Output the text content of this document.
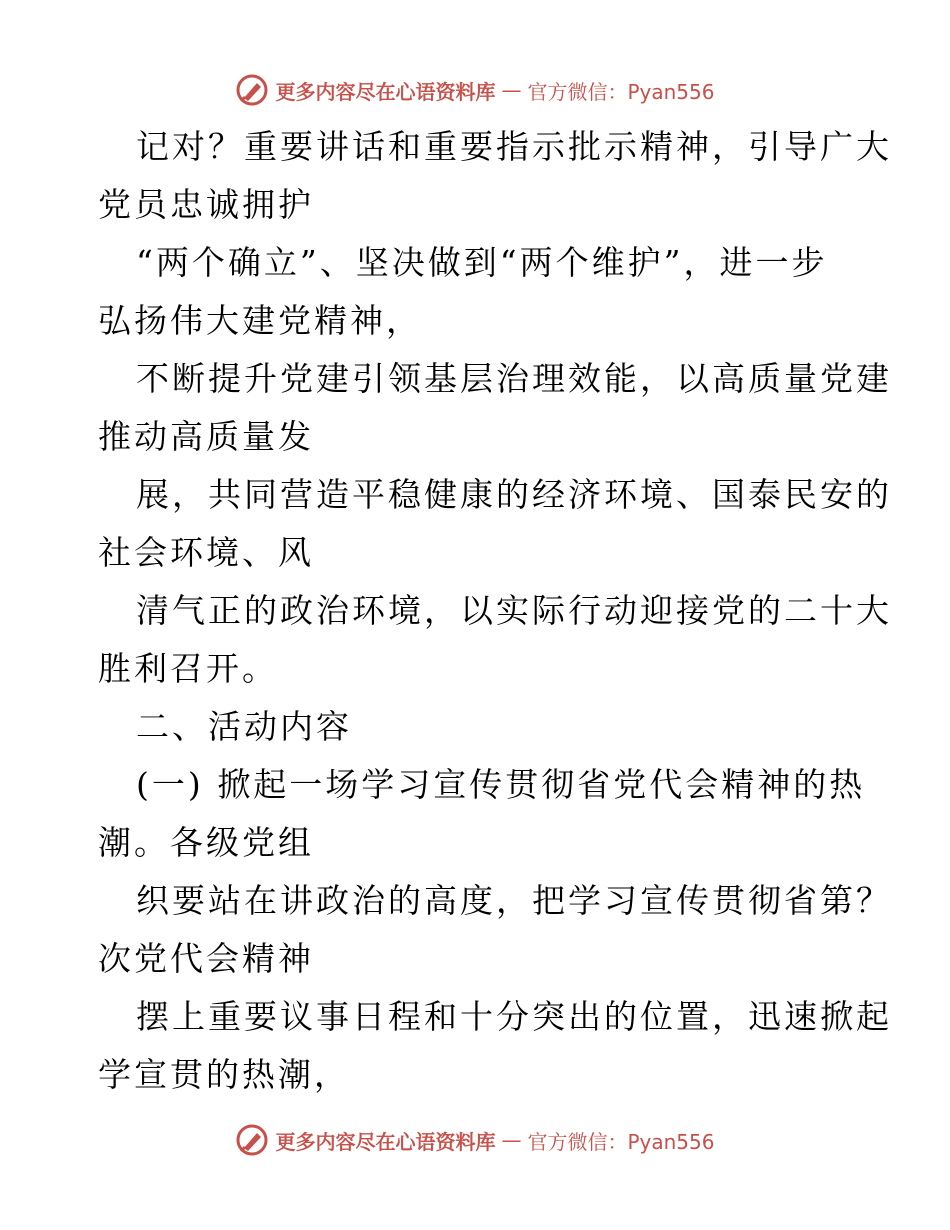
更多内容尽在心语资料库 — 官方微信：Pyan556
记对？重要讲话和重要指示批示精神，引导广大
党员忠诚拥护
“两个确立”、坚决做到“两个维护”，进一步
弘扬伟大建党精神，
不断提升党建引领基层治理效能，以高质量党建
推动高质量发
展，共同营造平稳健康的经济环境、国泰民安的
社会环境、风
清气正的政治环境，以实际行动迎接党的二十大
胜利召开。
二、活动内容
(一) 掀起一场学习宣传贯彻省党代会精神的热
潮。各级党组
织要站在讲政治的高度，把学习宣传贯彻省第？
次党代会精神
摆上重要议事日程和十分突出的位置，迅速掀起
学宣贯的热潮，
更多内容尽在心语资料库 — 官方微信：Pyan556
